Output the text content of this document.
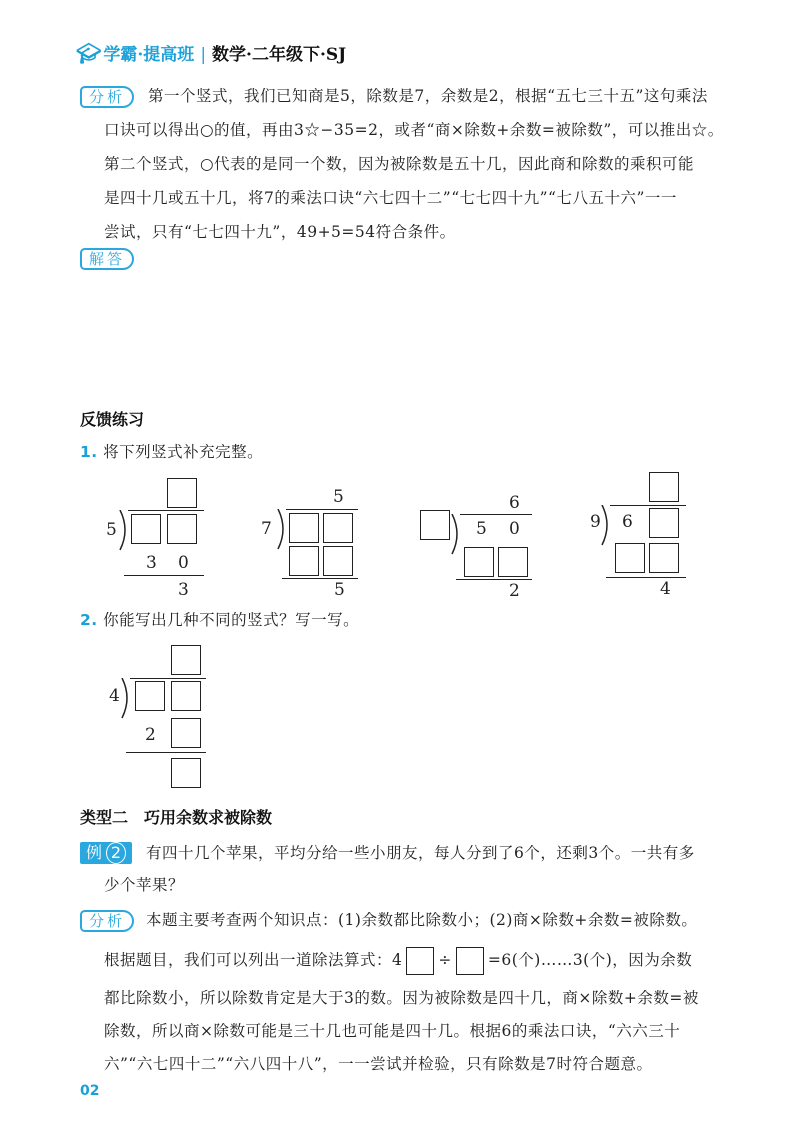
🎓︎ 学霸·提高班 | 数学·二年级下·SJ
分析	第一个竖式，我们已知商是5，除数是7，余数是2，根据“五七三十五”这句乘法
口诀可以得出○的值，再由3☆−35=2，或者“商×除数+余数=被除数”，可以推出☆。
第二个竖式，○代表的是同一个数，因为被除数是五十几，因此商和除数的乘积可能
是四十几或五十几，将7的乘法口诀“六七四十二”“七七四十九”“七八五十六”一一
尝试，只有“七七四十九”，49+5=54符合条件。
解答
反馈练习
1. 将下列竖式补充完整。
5
3 0
3
5
7
5
6
5 0
2
9 6
4
2. 你能写出几种不同的竖式？写一写。
4
2
类型二　巧用余数求被除数
例 2	有四十几个苹果，平均分给一些小朋友，每人分到了6个，还剩3个。一共有多
少个苹果？
分析	本题主要考查两个知识点：(1)余数都比除数小；(2)商×除数+余数=被除数。
根据题目，我们可以列出一道除法算式：4 ÷ =6(个)……3(个)，因为余数
都比除数小，所以除数肯定是大于3的数。因为被除数是四十几，商×除数+余数=被
除数，所以商×除数可能是三十几也可能是四十几。根据6的乘法口诀，“六六三十
六”“六七四十二”“六八四十八”，一一尝试并检验，只有除数是7时符合题意。
02
